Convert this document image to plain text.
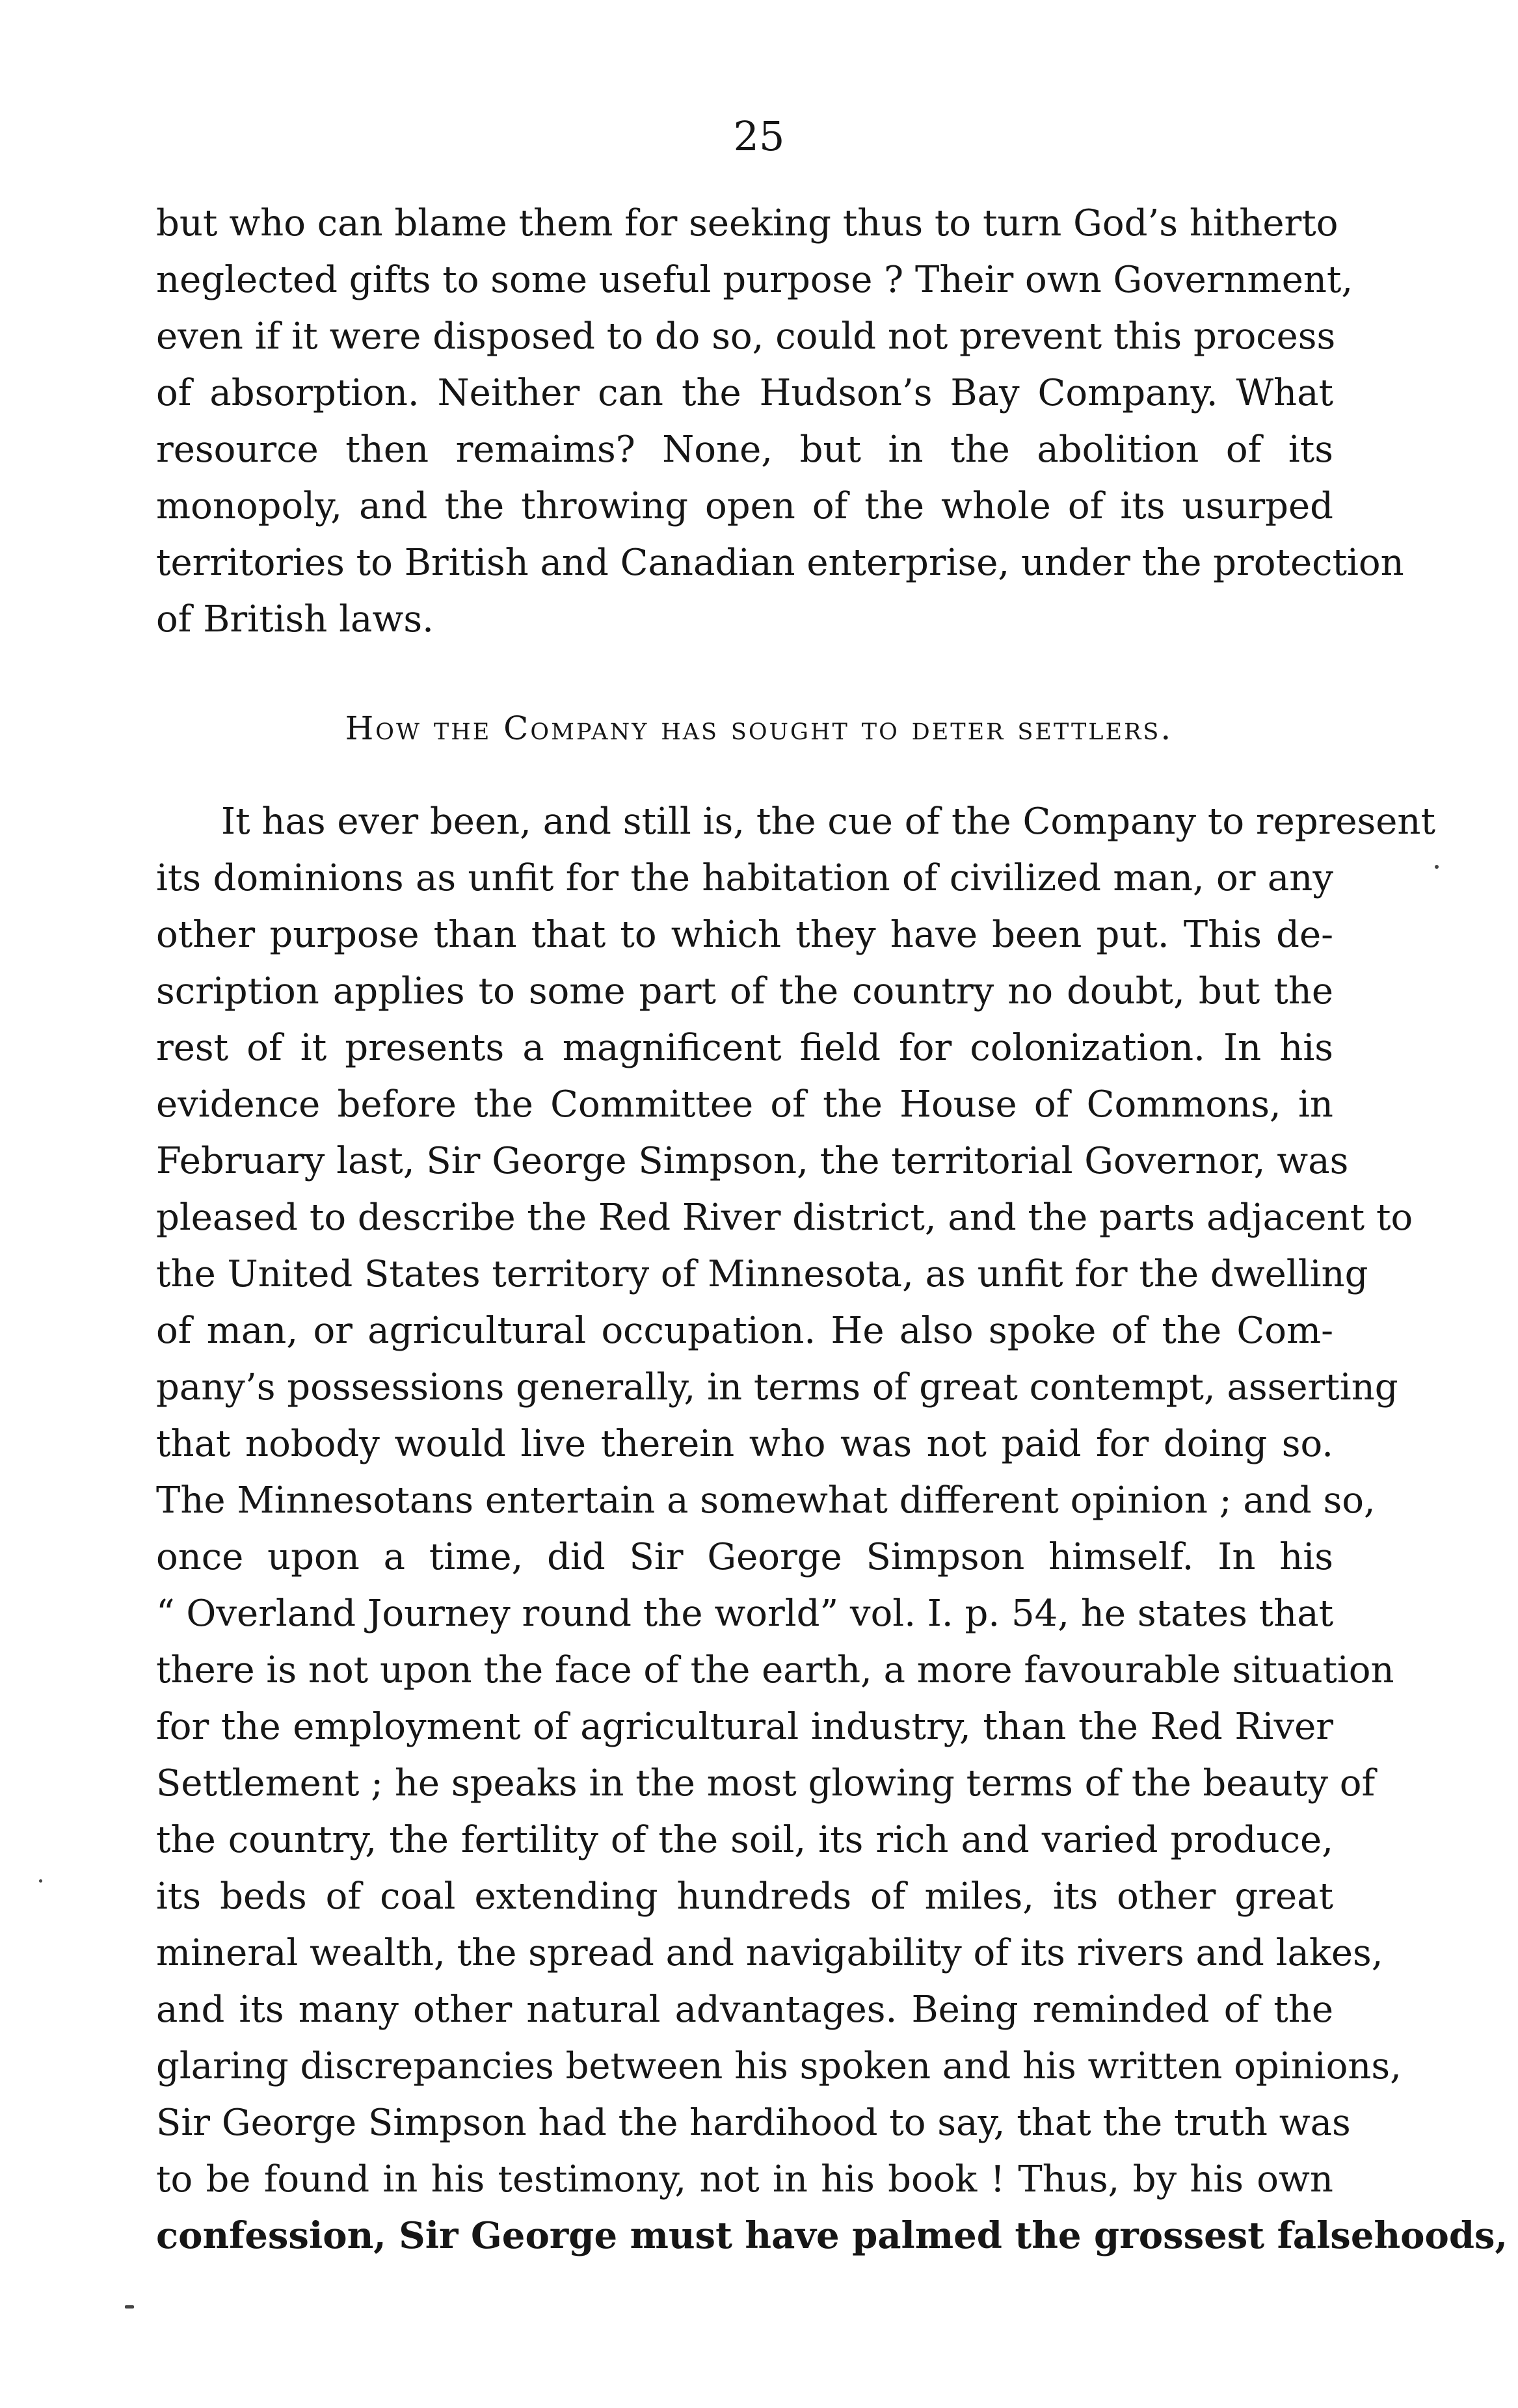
25
but who can blame them for seeking thus to turn God’s hitherto
neglected gifts to some useful purpose ? Their own Government,
even if it were disposed to do so, could not prevent this process
of absorption. Neither can the Hudson’s Bay Company. What
resource then remaims? None, but in the abolition of its
monopoly, and the throwing open of the whole of its usurped
territories to British and Canadian enterprise, under the protection
of British laws.
How the Company has sought to deter settlers.
It has ever been, and still is, the cue of the Company to represent
its dominions as unfit for the habitation of civilized man, or any
other purpose than that to which they have been put. This de-
scription applies to some part of the country no doubt, but the
rest of it presents a magnificent field for colonization. In his
evidence before the Committee of the House of Commons, in
February last, Sir George Simpson, the territorial Governor, was
pleased to describe the Red River district, and the parts adjacent to
the United States territory of Minnesota, as unfit for the dwelling
of man, or agricultural occupation. He also spoke of the Com-
pany’s possessions generally, in terms of great contempt, asserting
that nobody would live therein who was not paid for doing so.
The Minnesotans entertain a somewhat different opinion ; and so,
once upon a time, did Sir George Simpson himself. In his
“ Overland Journey round the world” vol. I. p. 54, he states that
there is not upon the face of the earth, a more favourable situation
for the employment of agricultural industry, than the Red River
Settlement ; he speaks in the most glowing terms of the beauty of
the country, the fertility of the soil, its rich and varied produce,
its beds of coal extending hundreds of miles, its other great
mineral wealth, the spread and navigability of its rivers and lakes,
and its many other natural advantages. Being reminded of the
glaring discrepancies between his spoken and his written opinions,
Sir George Simpson had the hardihood to say, that the truth was
to be found in his testimony, not in his book ! Thus, by his own
confession, Sir George must have palmed the grossest falsehoods,
